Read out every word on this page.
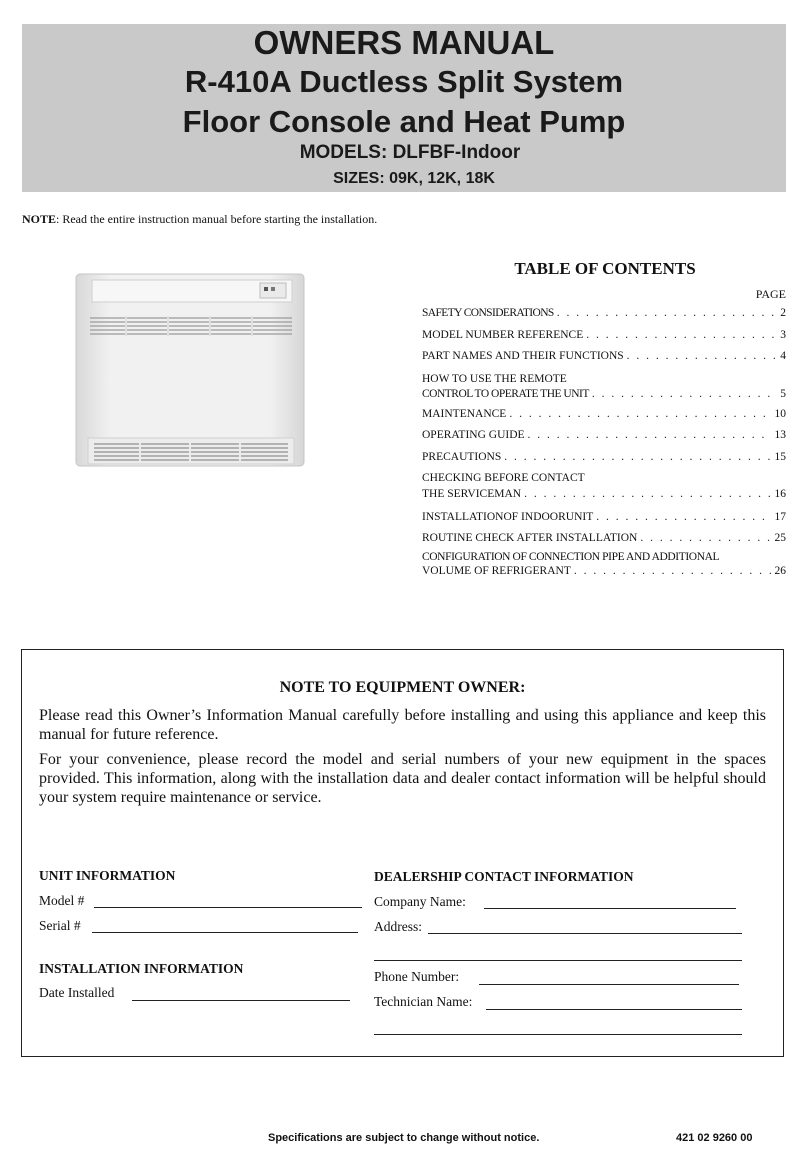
OWNERS MANUAL
R-410A Ductless Split System
Floor Console and Heat Pump
MODELS: DLFBF-Indoor
SIZES: 09K, 12K, 18K
NOTE: Read the entire instruction manual before starting the installation.
TABLE OF CONTENTS
PAGE
SAFETY CONSIDERATIONS . . .	2
MODEL NUMBER REFERENCE . . .	3
PART NAMES AND THEIR FUNCTIONS . . .	4
HOW TO USE THE REMOTE
CONTROL TO OPERATE THE UNIT . . .	5
MAINTENANCE . . .	10
OPERATING GUIDE . . .	13
PRECAUTIONS . . .	15
CHECKING BEFORE CONTACT
THE SERVICEMAN . . .	16
INSTALLATIONOF INDOORUNIT . . .	17
ROUTINE CHECK AFTER INSTALLATION . . .	25
CONFIGURATION OF CONNECTION PIPE AND ADDITIONAL
VOLUME OF REFRIGERANT . . .	26
NOTE TO EQUIPMENT OWNER:
Please read this Owner’s Information Manual carefully before installing and using this appliance and keep this manual for future reference.
For your convenience, please record the model and serial numbers of your new equipment in the spaces provided. This information, along with the installation data and dealer contact information will be helpful should your system require maintenance or service.
UNIT INFORMATION
Model #
Serial #
INSTALLATION INFORMATION
Date Installed
DEALERSHIP CONTACT INFORMATION
Company Name:
Address:
Phone Number:
Technician Name:
Specifications are subject to change without notice.	421 02 9260 00
